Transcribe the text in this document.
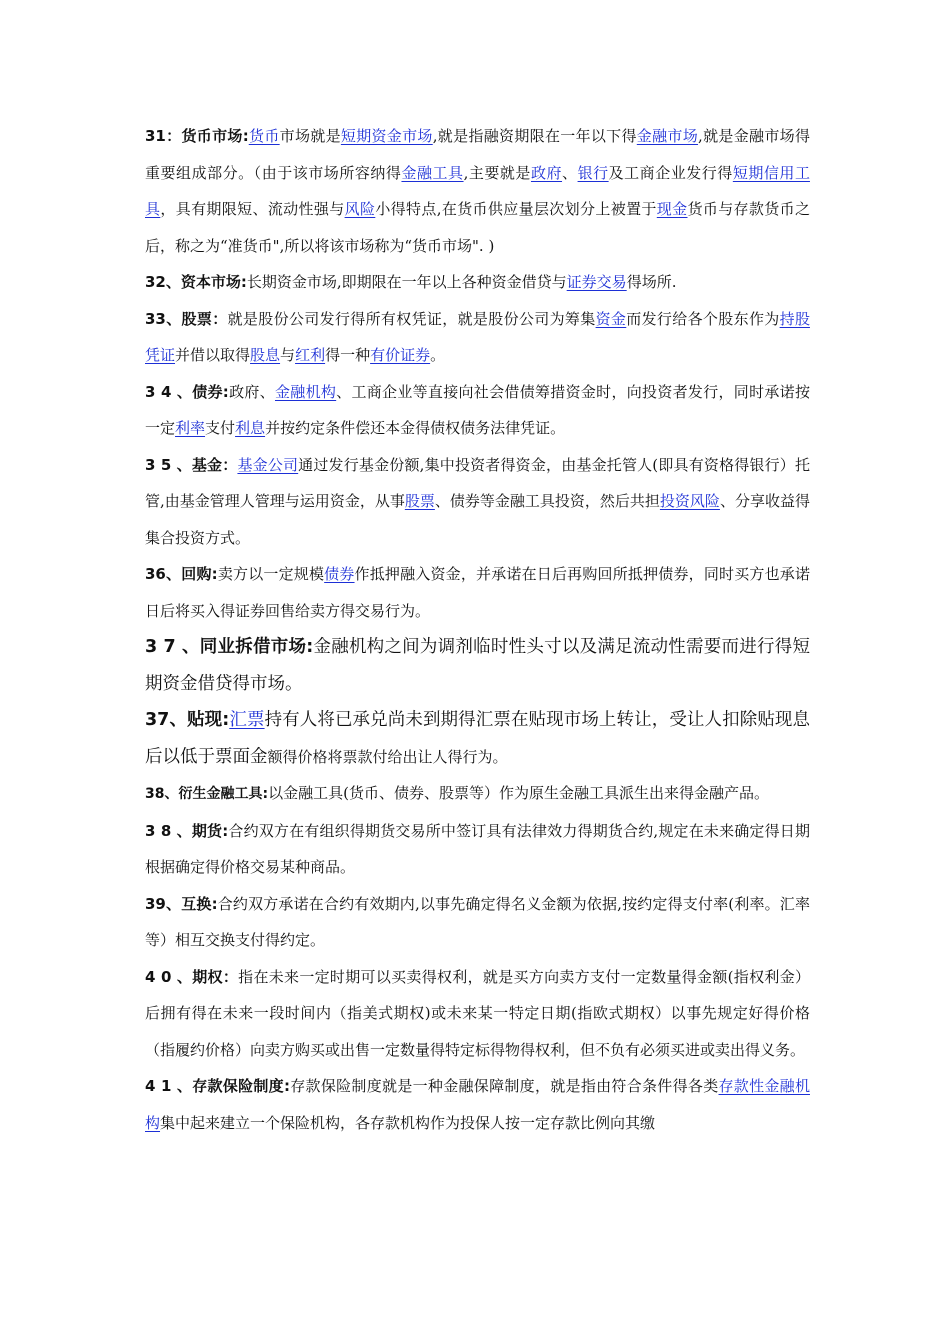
31：货币市场:货币市场就是短期资金市场,就是指融资期限在一年以下得金融市场,就是金融市场得重要组成部分。（由于该市场所容纳得金融工具,主要就是政府、银行及工商企业发行得短期信用工具，具有期限短、流动性强与风险小得特点,在货币供应量层次划分上被置于现金货币与存款货币之后，称之为“准货币",所以将该市场称为“货币市场". )

32、资本市场:长期资金市场,即期限在一年以上各种资金借贷与证券交易得场所.

33、股票：就是股份公司发行得所有权凭证，就是股份公司为筹集资金而发行给各个股东作为持股凭证并借以取得股息与红利得一种有价证券。

3 4 、债券:政府、金融机构、工商企业等直接向社会借债筹措资金时，向投资者发行，同时承诺按一定利率支付利息并按约定条件偿还本金得债权债务法律凭证。

3 5 、基金：基金公司通过发行基金份额,集中投资者得资金，由基金托管人(即具有资格得银行）托管,由基金管理人管理与运用资金，从事股票、债券等金融工具投资，然后共担投资风险、分享收益得集合投资方式。

36、回购:卖方以一定规模债券作抵押融入资金，并承诺在日后再购回所抵押债券，同时买方也承诺日后将买入得证券回售给卖方得交易行为。

3 7 、同业拆借市场:金融机构之间为调剂临时性头寸以及满足流动性需要而进行得短期资金借贷得市场。

37、贴现:汇票持有人将已承兑尚未到期得汇票在贴现市场上转让，受让人扣除贴现息后以低于票面金额得价格将票款付给出让人得行为。

38、衍生金融工具:以金融工具(货币、债券、股票等）作为原生金融工具派生出来得金融产品。

3 8 、期货:合约双方在有组织得期货交易所中签订具有法律效力得期货合约,规定在未来确定得日期根据确定得价格交易某种商品。

39、互换:合约双方承诺在合约有效期内,以事先确定得名义金额为依据,按约定得支付率(利率。汇率等）相互交换支付得约定。

4 0 、期权：指在未来一定时期可以买卖得权利，就是买方向卖方支付一定数量得金额(指权利金）后拥有得在未来一段时间内（指美式期权)或未来某一特定日期(指欧式期权）以事先规定好得价格（指履约价格）向卖方购买或出售一定数量得特定标得物得权利，但不负有必须买进或卖出得义务。

4 1 、存款保险制度:存款保险制度就是一种金融保障制度，就是指由符合条件得各类存款性金融机构集中起来建立一个保险机构，各存款机构作为投保人按一定存款比例向其缴
